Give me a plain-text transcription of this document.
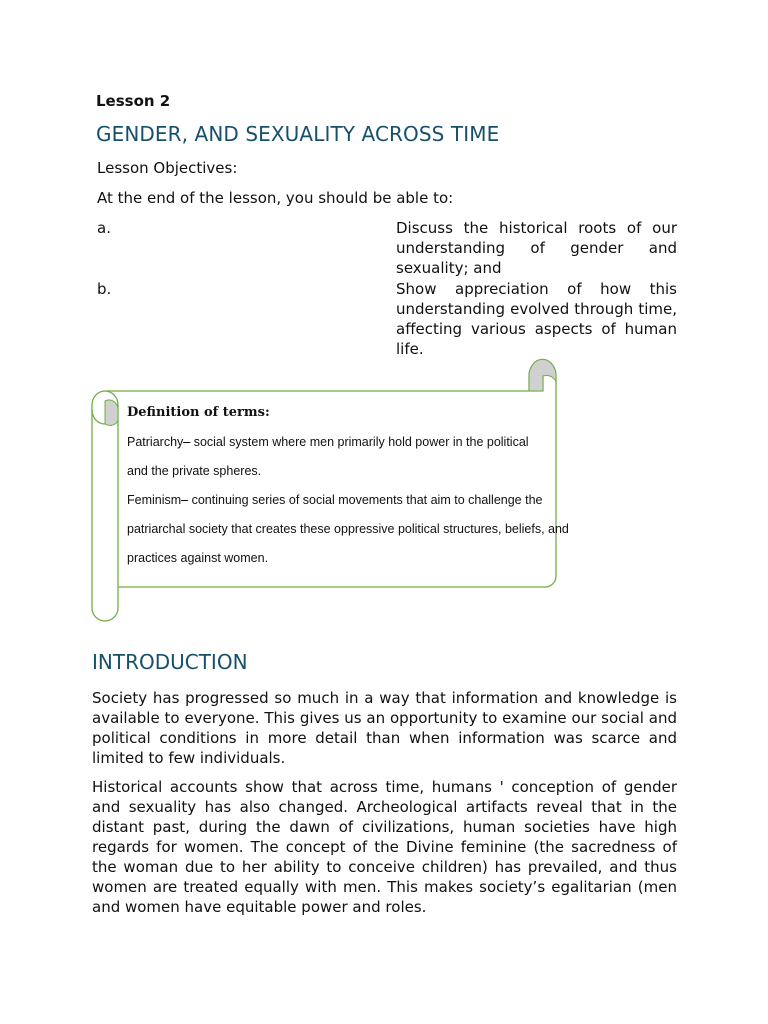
Lesson 2
GENDER, AND SEXUALITY ACROSS TIME
Lesson Objectives:
At the end of the lesson, you should be able to:
a.	Discuss the historical roots of our understanding of gender and sexuality; and
b.	Show appreciation of how this understanding evolved through time, affecting various aspects of human life.
Definition of terms:
Patriarchy– social system where men primarily hold power in the political
and the private spheres.
Feminism– continuing series of social movements that aim to challenge the
patriarchal society that creates these oppressive political structures, beliefs, and
practices against women.
INTRODUCTION
Society has progressed so much in a way that information and knowledge is available to everyone. This gives us an opportunity to examine our social and political conditions in more detail than when information was scarce and limited to few individuals.
Historical accounts show that across time, humans ' conception of gender and sexuality has also changed. Archeological artifacts reveal that in the distant past, during the dawn of civilizations, human societies have high regards for women. The concept of the Divine feminine (the sacredness of the woman due to her ability to conceive children) has prevailed, and thus women are treated equally with men. This makes society’s egalitarian (men and women have equitable power and roles.
